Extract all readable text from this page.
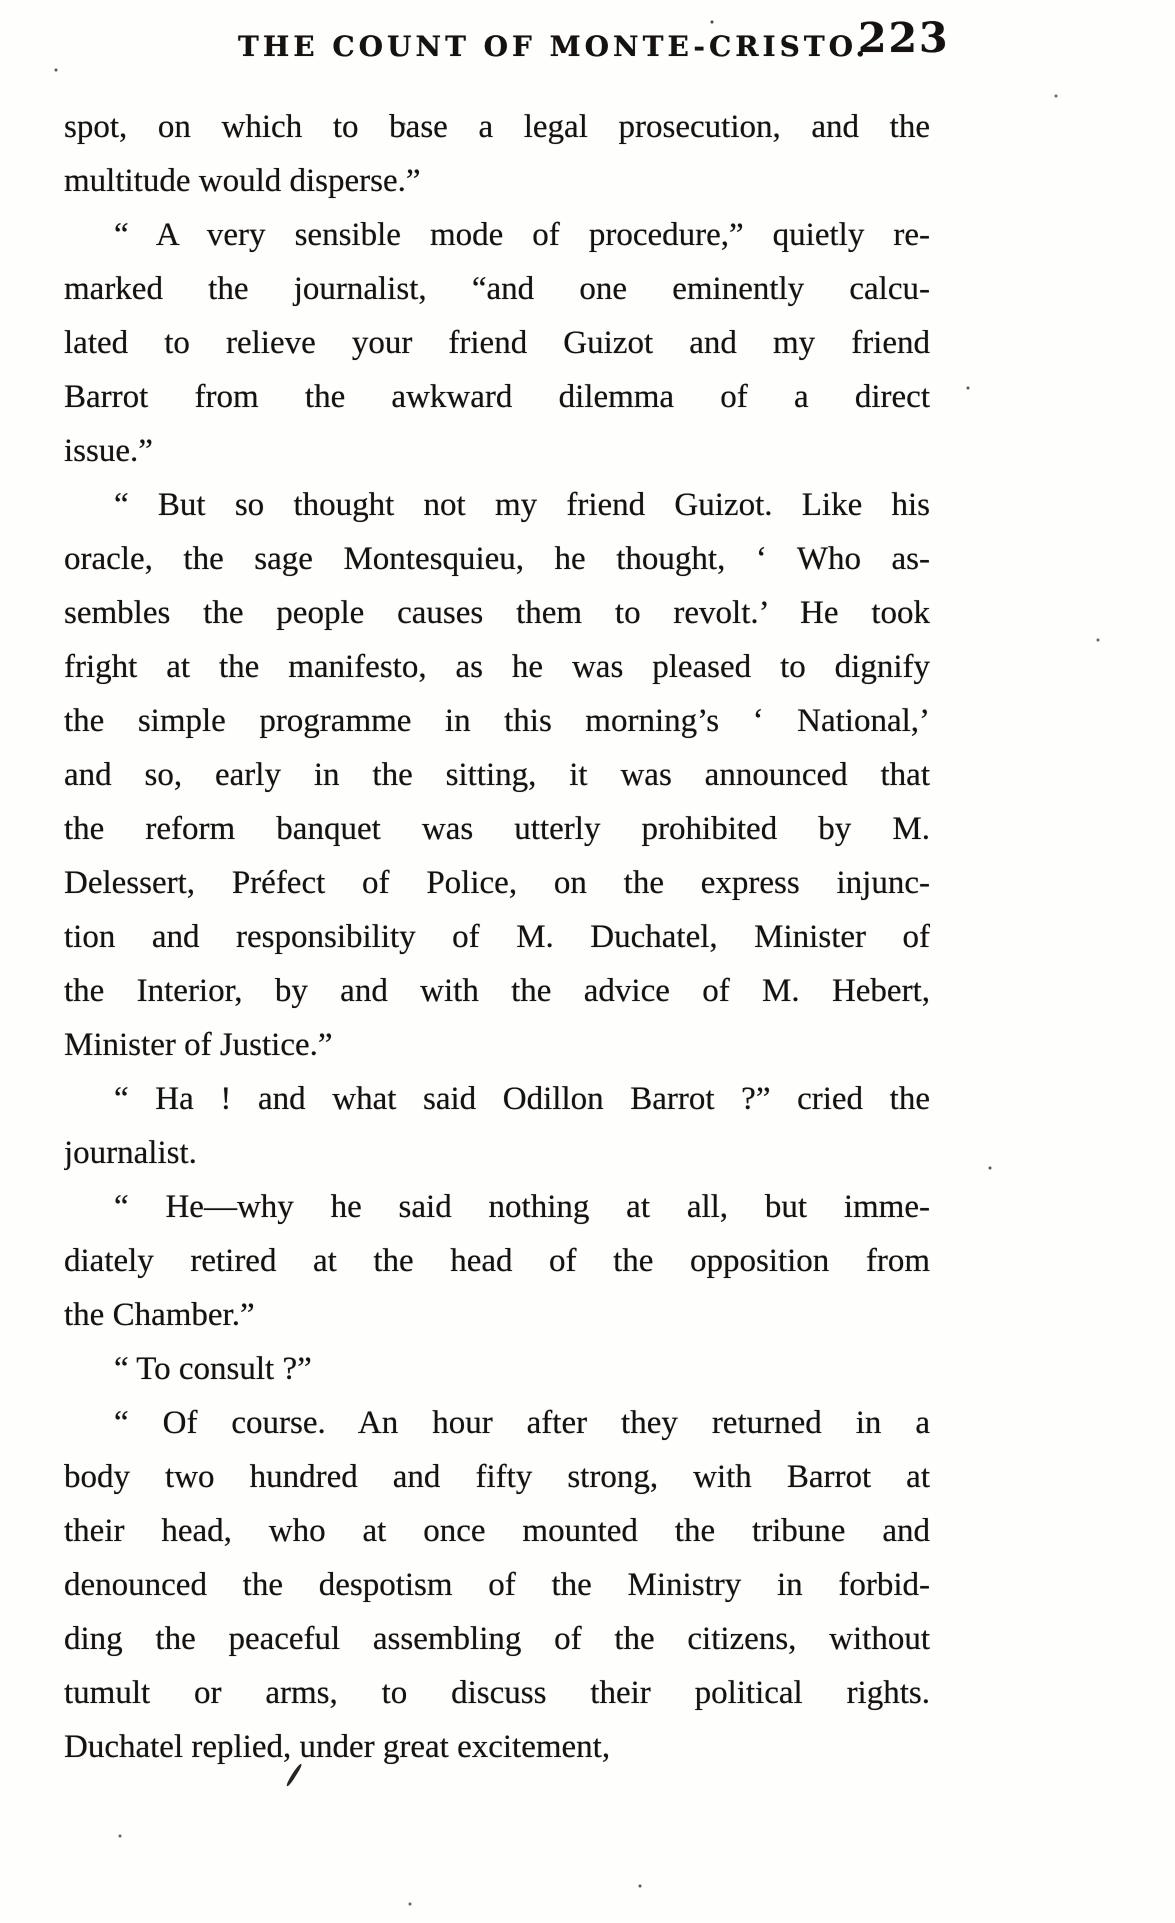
THE COUNT OF MONTE-CRISTO.
223
spot, on which to base a legal prosecution, and the
multitude would disperse.”
“ A very sensible mode of procedure,” quietly re-
marked the journalist, “and one eminently calcu-
lated to relieve your friend Guizot and my friend
Barrot from the awkward dilemma of a direct
issue.”
“ But so thought not my friend Guizot. Like his
oracle, the sage Montesquieu, he thought, ‘ Who as-
sembles the people causes them to revolt.’ He took
fright at the manifesto, as he was pleased to dignify
the simple programme in this morning’s ‘ National,’
and so, early in the sitting, it was announced that
the reform banquet was utterly prohibited by M.
Delessert, Préfect of Police, on the express injunc-
tion and responsibility of M. Duchatel, Minister of
the Interior, by and with the advice of M. Hebert,
Minister of Justice.”
“ Ha ! and what said Odillon Barrot ?” cried the
journalist.
“ He—why he said nothing at all, but imme-
diately retired at the head of the opposition from
the Chamber.”
“ To consult ?”
“ Of course. An hour after they returned in a
body two hundred and fifty strong, with Barrot at
their head, who at once mounted the tribune and
denounced the despotism of the Ministry in forbid-
ding the peaceful assembling of the citizens, without
tumult or arms, to discuss their political rights.
Duchatel replied, under great excitement,
